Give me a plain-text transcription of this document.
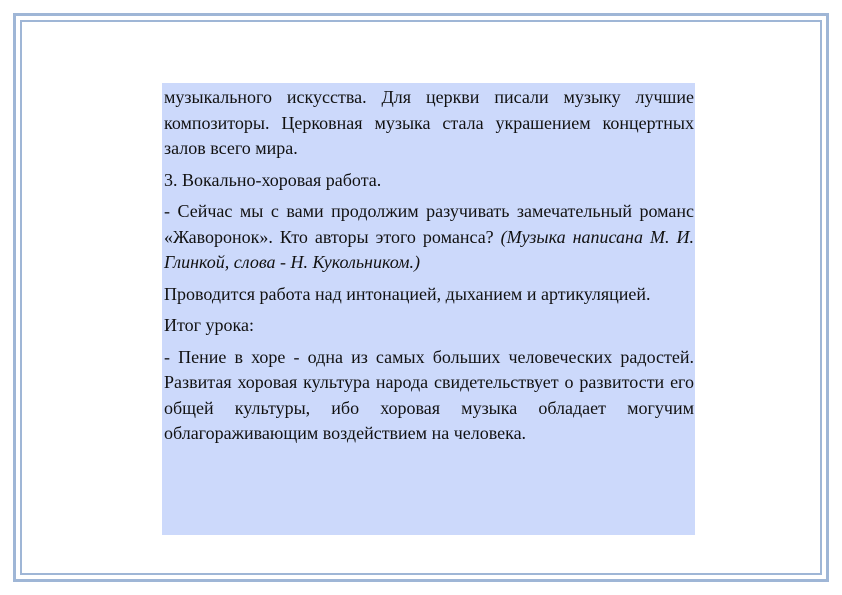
музыкального искусства. Для церкви писали музыку лучшие композиторы. Церковная музыка стала украшением концертных залов всего мира.

3. Вокально-хоровая работа.

- Сейчас мы с вами продолжим разучивать замечательный романс «Жаворонок». Кто авторы этого романса? (Музыка написана М. И. Глинкой, слова - Н. Кукольником.)

Проводится работа над интонацией, дыханием и артикуляцией.

Итог урока:

- Пение в хоре - одна из самых больших человеческих радостей. Развитая хоровая культура народа свидетельствует о развитости его общей культуры, ибо хоровая музыка обладает могучим облагораживающим воздействием на человека.
